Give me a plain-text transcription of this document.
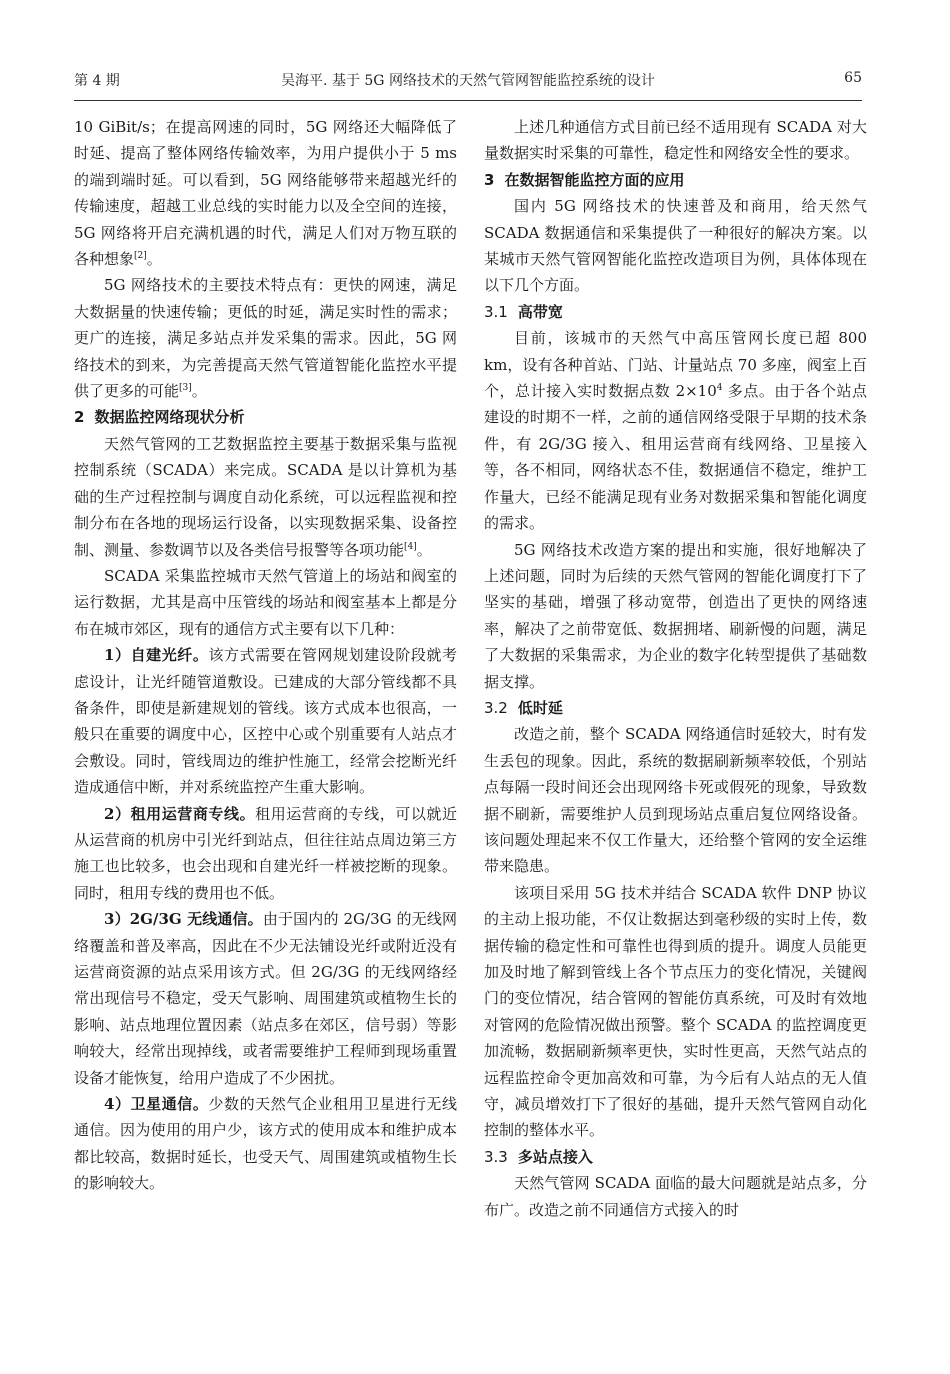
第 4 期	吴海平. 基于 5G 网络技术的天然气管网智能监控系统的设计	65

10 GiBit/s；在提高网速的同时，5G 网络还大幅降低了时延、提高了整体网络传输效率，为用户提供小于 5 ms 的端到端时延。可以看到，5G 网络能够带来超越光纤的传输速度，超越工业总线的实时能力以及全空间的连接，5G 网络将开启充满机遇的时代，满足人们对万物互联的各种想象[2]。

5G 网络技术的主要技术特点有：更快的网速，满足大数据量的快速传输；更低的时延，满足实时性的需求；更广的连接，满足多站点并发采集的需求。因此，5G 网络技术的到来，为完善提高天然气管道智能化监控水平提供了更多的可能[3]。

2 数据监控网络现状分析

天然气管网的工艺数据监控主要基于数据采集与监视控制系统（SCADA）来完成。SCADA 是以计算机为基础的生产过程控制与调度自动化系统，可以远程监视和控制分布在各地的现场运行设备，以实现数据采集、设备控制、测量、参数调节以及各类信号报警等各项功能[4]。

SCADA 采集监控城市天然气管道上的场站和阀室的运行数据，尤其是高中压管线的场站和阀室基本上都是分布在城市郊区，现有的通信方式主要有以下几种：

1）自建光纤。该方式需要在管网规划建设阶段就考虑设计，让光纤随管道敷设。已建成的大部分管线都不具备条件，即使是新建规划的管线。该方式成本也很高，一般只在重要的调度中心，区控中心或个别重要有人站点才会敷设。同时，管线周边的维护性施工，经常会挖断光纤造成通信中断，并对系统监控产生重大影响。

2）租用运营商专线。租用运营商的专线，可以就近从运营商的机房中引光纤到站点，但往往站点周边第三方施工也比较多，也会出现和自建光纤一样被挖断的现象。同时，租用专线的费用也不低。

3）2G/3G 无线通信。由于国内的 2G/3G 的无线网络覆盖和普及率高，因此在不少无法铺设光纤或附近没有运营商资源的站点采用该方式。但 2G/3G 的无线网络经常出现信号不稳定，受天气影响、周围建筑或植物生长的影响、站点地理位置因素（站点多在郊区，信号弱）等影响较大，经常出现掉线，或者需要维护工程师到现场重置设备才能恢复，给用户造成了不少困扰。

4）卫星通信。少数的天然气企业租用卫星进行无线通信。因为使用的用户少，该方式的使用成本和维护成本都比较高，数据时延长，也受天气、周围建筑或植物生长的影响较大。

上述几种通信方式目前已经不适用现有 SCADA 对大量数据实时采集的可靠性，稳定性和网络安全性的要求。

3 在数据智能监控方面的应用

国内 5G 网络技术的快速普及和商用，给天然气 SCADA 数据通信和采集提供了一种很好的解决方案。以某城市天然气管网智能化监控改造项目为例，具体体现在以下几个方面。

3.1 高带宽

目前，该城市的天然气中高压管网长度已超 800 km，设有各种首站、门站、计量站点 70 多座，阀室上百个，总计接入实时数据点数 $2\times 10^4$ 多点。由于各个站点建设的时期不一样，之前的通信网络受限于早期的技术条件，有 2G/3G 接入、租用运营商有线网络、卫星接入等，各不相同，网络状态不佳，数据通信不稳定，维护工作量大，已经不能满足现有业务对数据采集和智能化调度的需求。

5G 网络技术改造方案的提出和实施，很好地解决了上述问题，同时为后续的天然气管网的智能化调度打下了坚实的基础，增强了移动宽带，创造出了更快的网络速率，解决了之前带宽低、数据拥堵、刷新慢的问题，满足了大数据的采集需求，为企业的数字化转型提供了基础数据支撑。

3.2 低时延

改造之前，整个 SCADA 网络通信时延较大，时有发生丢包的现象。因此，系统的数据刷新频率较低，个别站点每隔一段时间还会出现网络卡死或假死的现象，导致数据不刷新，需要维护人员到现场站点重启复位网络设备。该问题处理起来不仅工作量大，还给整个管网的安全运维带来隐患。

该项目采用 5G 技术并结合 SCADA 软件 DNP 协议的主动上报功能，不仅让数据达到毫秒级的实时上传，数据传输的稳定性和可靠性也得到质的提升。调度人员能更加及时地了解到管线上各个节点压力的变化情况，关键阀门的变位情况，结合管网的智能仿真系统，可及时有效地对管网的危险情况做出预警。整个 SCADA 的监控调度更加流畅，数据刷新频率更快，实时性更高，天然气站点的远程监控命令更加高效和可靠，为今后有人站点的无人值守，减员增效打下了很好的基础，提升天然气管网自动化控制的整体水平。

3.3 多站点接入

天然气管网 SCADA 面临的最大问题就是站点多，分布广。改造之前不同通信方式接入的时
